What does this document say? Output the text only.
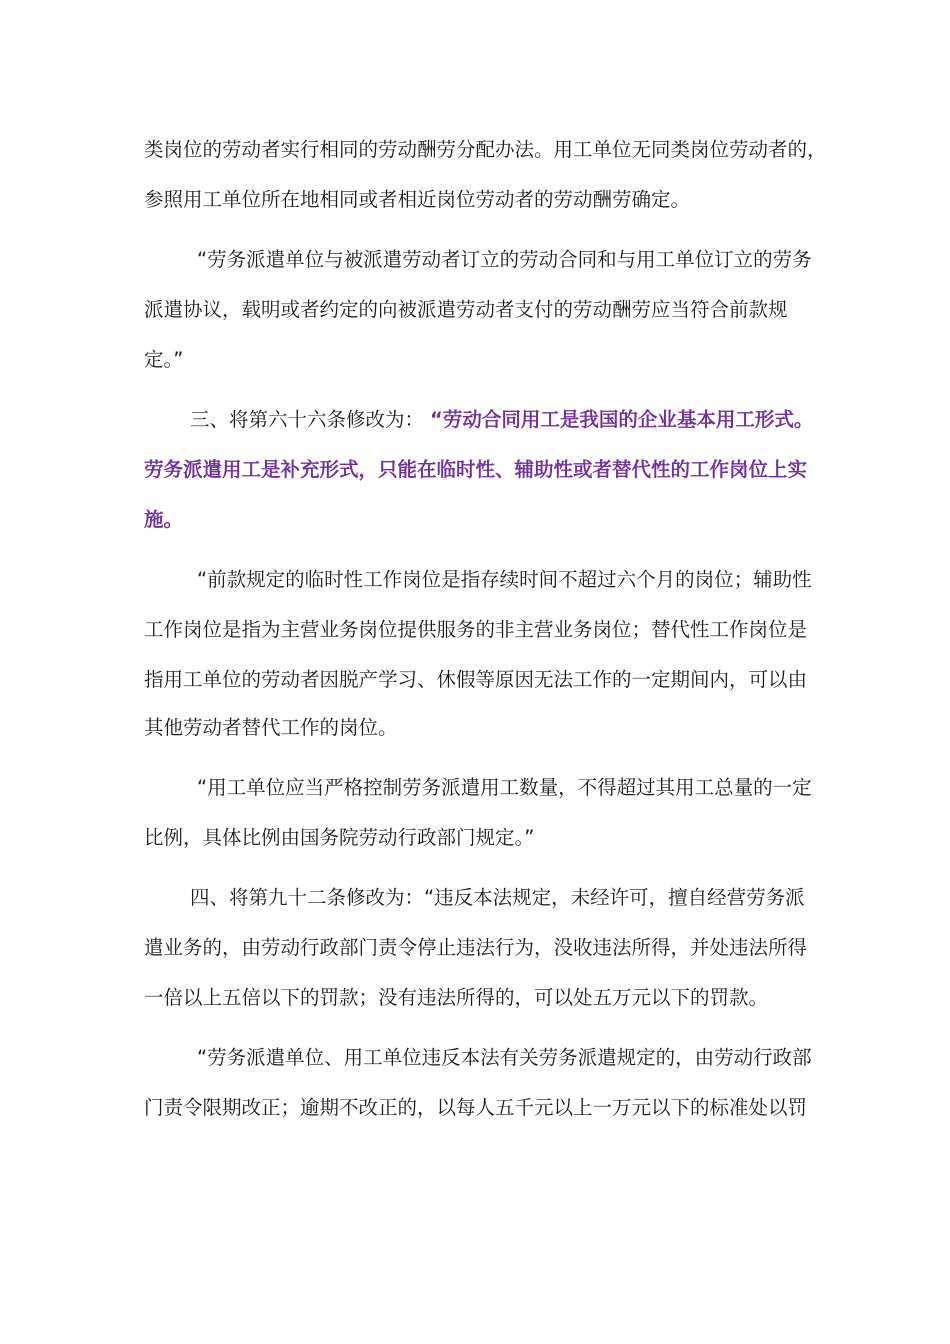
类岗位的劳动者实行相同的劳动酬劳分配办法。用工单位无同类岗位劳动者的，
参照用工单位所在地相同或者相近岗位劳动者的劳动酬劳确定。
“劳务派遣单位与被派遣劳动者订立的劳动合同和与用工单位订立的劳务
派遣协议，载明或者约定的向被派遣劳动者支付的劳动酬劳应当符合前款规
定。”
三、将第六十六条修改为： “劳动合同用工是我国的企业基本用工形式。
劳务派遣用工是补充形式，只能在临时性、辅助性或者替代性的工作岗位上实
施。
“前款规定的临时性工作岗位是指存续时间不超过六个月的岗位；辅助性
工作岗位是指为主营业务岗位提供服务的非主营业务岗位；替代性工作岗位是
指用工单位的劳动者因脱产学习、休假等原因无法工作的一定期间内，可以由
其他劳动者替代工作的岗位。
“用工单位应当严格控制劳务派遣用工数量，不得超过其用工总量的一定
比例，具体比例由国务院劳动行政部门规定。”
四、将第九十二条修改为：“违反本法规定，未经许可，擅自经营劳务派
遣业务的，由劳动行政部门责令停止违法行为，没收违法所得，并处违法所得
一倍以上五倍以下的罚款；没有违法所得的，可以处五万元以下的罚款。
“劳务派遣单位、用工单位违反本法有关劳务派遣规定的，由劳动行政部
门责令限期改正；逾期不改正的，以每人五千元以上一万元以下的标准处以罚
